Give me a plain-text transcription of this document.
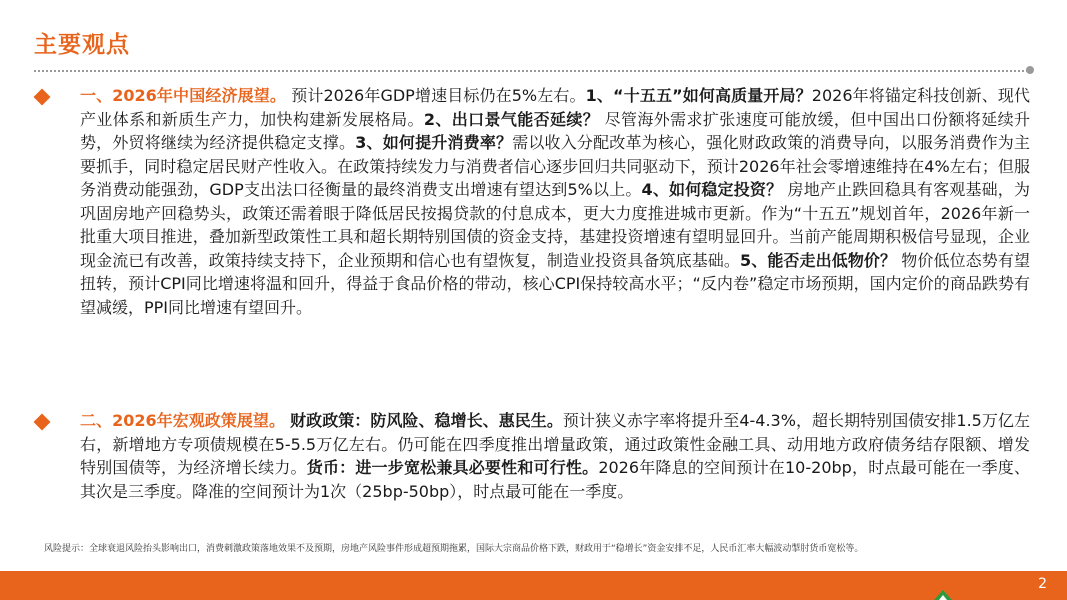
主要观点
一、2026年中国经济展望。 预计2026年GDP增速目标仍在5%左右。1、“十五五”如何高质量开局？2026年将锚定科技创新、现代产业体系和新质生产力，加快构建新发展格局。2、出口景气能否延续？ 尽管海外需求扩张速度可能放缓，但中国出口份额将延续升势，外贸将继续为经济提供稳定支撑。3、如何提升消费率？需以收入分配改革为核心，强化财政政策的消费导向，以服务消费作为主要抓手，同时稳定居民财产性收入。在政策持续发力与消费者信心逐步回归共同驱动下，预计2026年社会零增速维持在4%左右；但服务消费动能强劲，GDP支出法口径衡量的最终消费支出增速有望达到5%以上。4、如何稳定投资？ 房地产止跌回稳具有客观基础，为巩固房地产回稳势头，政策还需着眼于降低居民按揭贷款的付息成本，更大力度推进城市更新。作为“十五五”规划首年，2026年新一批重大项目推进，叠加新型政策性工具和超长期特别国债的资金支持，基建投资增速有望明显回升。当前产能周期积极信号显现，企业现金流已有改善，政策持续支持下，企业预期和信心也有望恢复，制造业投资具备筑底基础。5、能否走出低物价？ 物价低位态势有望扭转，预计CPI同比增速将温和回升，得益于食品价格的带动，核心CPI保持较高水平；“反内卷”稳定市场预期，国内定价的商品跌势有望减缓，PPI同比增速有望回升。
二、2026年宏观政策展望。 财政政策：防风险、稳增长、惠民生。预计狭义赤字率将提升至4-4.3%，超长期特别国债安排1.5万亿左右，新增地方专项债规模在5-5.5万亿左右。仍可能在四季度推出增量政策，通过政策性金融工具、动用地方政府债务结存限额、增发特别国债等，为经济增长续力。货币：进一步宽松兼具必要性和可行性。2026年降息的空间预计在10-20bp，时点最可能在一季度、其次是三季度。降准的空间预计为1次（25bp-50bp），时点最可能在一季度。
风险提示：全球衰退风险抬头影响出口，消费刺激政策落地效果不及预期，房地产风险事件形成超预期拖累，国际大宗商品价格下跌，财政用于“稳增长”资金安排不足，人民币汇率大幅波动掣肘货币宽松等。
2
